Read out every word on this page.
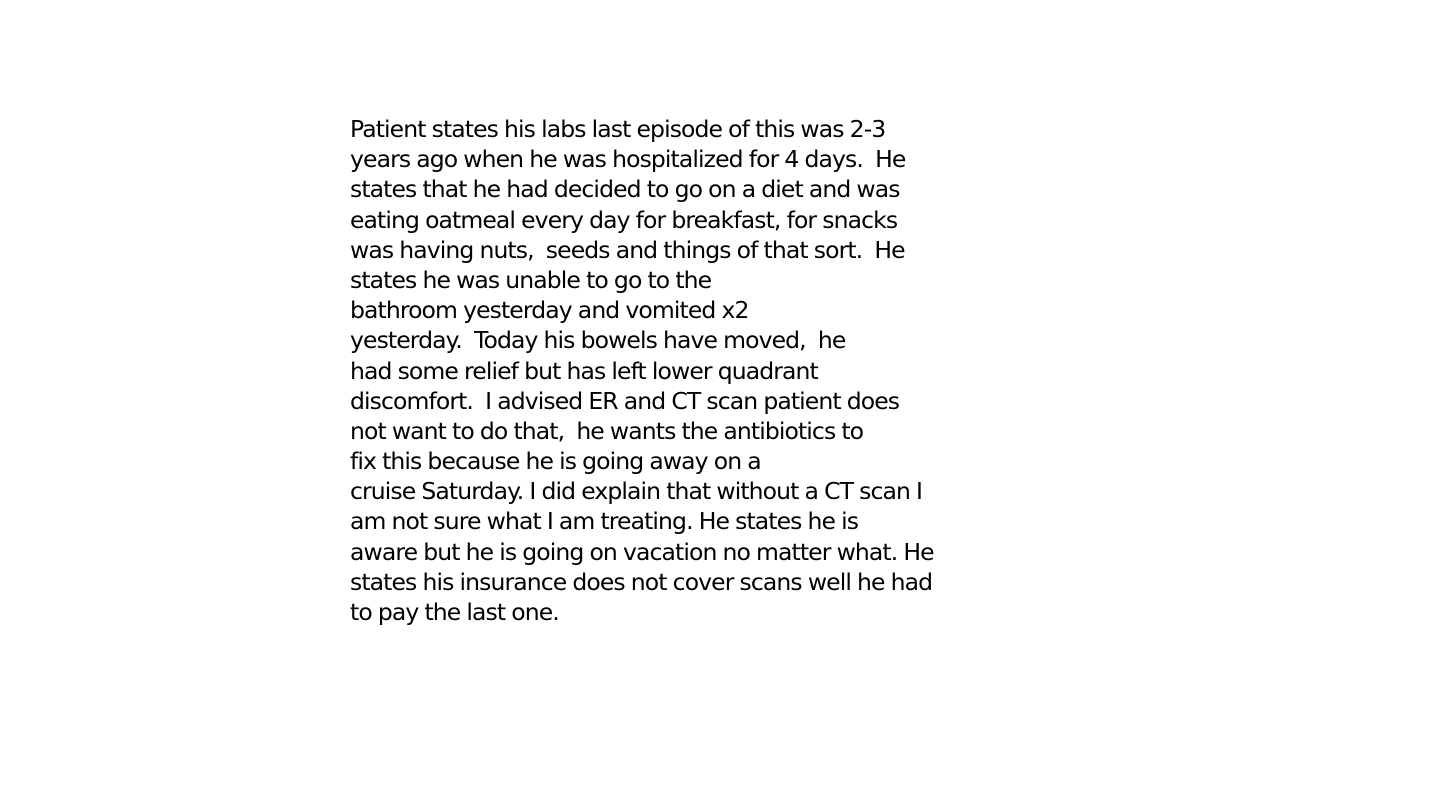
Patient states his labs last episode of this was 2-3
years ago when he was hospitalized for 4 days.  He
states that he had decided to go on a diet and was
eating oatmeal every day for breakfast, for snacks
was having nuts,  seeds and things of that sort.  He
states he was unable to go to the
bathroom yesterday and vomited x2
yesterday.  Today his bowels have moved,  he
had some relief but has left lower quadrant
discomfort.  I advised ER and CT scan patient does
not want to do that,  he wants the antibiotics to
fix this because he is going away on a
cruise Saturday. I did explain that without a CT scan I
am not sure what I am treating. He states he is
aware but he is going on vacation no matter what. He
states his insurance does not cover scans well he had
to pay the last one.
